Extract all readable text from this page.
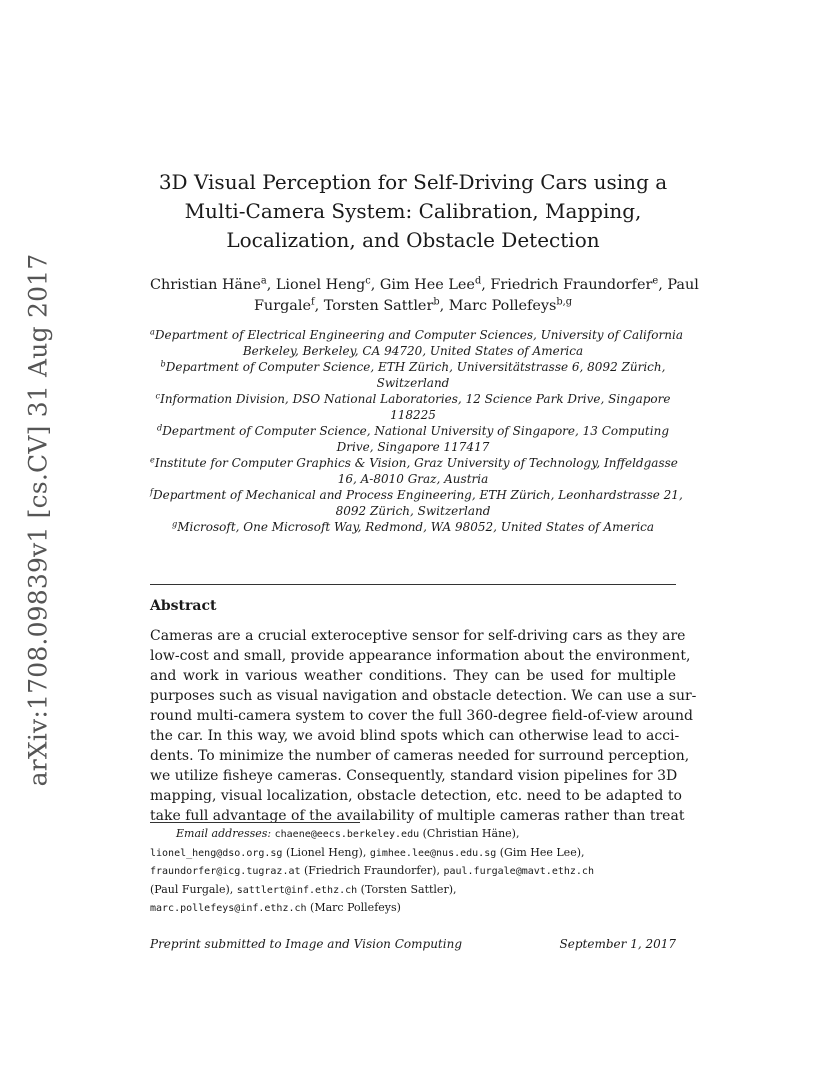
arXiv:1708.09839v1 [cs.CV] 31 Aug 2017
3D Visual Perception for Self-Driving Cars using a
Multi-Camera System: Calibration, Mapping,
Localization, and Obstacle Detection
Christian Häne$^a$, Lionel Heng$^c$, Gim Hee Lee$^d$, Friedrich Fraundorfer$^e$, Paul
Furgale$^f$, Torsten Sattler$^b$, Marc Pollefeys$^{b,g}$
$^a$Department of Electrical Engineering and Computer Sciences, University of California
Berkeley, Berkeley, CA 94720, United States of America
$^b$Department of Computer Science, ETH Zürich, Universitätstrasse 6, 8092 Zürich,
Switzerland
$^c$Information Division, DSO National Laboratories, 12 Science Park Drive, Singapore
118225
$^d$Department of Computer Science, National University of Singapore, 13 Computing
Drive, Singapore 117417
$^e$Institute for Computer Graphics & Vision, Graz University of Technology, Inffeldgasse
16, A-8010 Graz, Austria
$^f$Department of Mechanical and Process Engineering, ETH Zürich, Leonhardstrasse 21,
8092 Zürich, Switzerland
$^g$Microsoft, One Microsoft Way, Redmond, WA 98052, United States of America
Abstract
Cameras are a crucial exteroceptive sensor for self-driving cars as they are
low-cost and small, provide appearance information about the environment,
and work in various weather conditions. They can be used for multiple
purposes such as visual navigation and obstacle detection. We can use a sur-
round multi-camera system to cover the full 360-degree field-of-view around
the car. In this way, we avoid blind spots which can otherwise lead to acci-
dents. To minimize the number of cameras needed for surround perception,
we utilize fisheye cameras. Consequently, standard vision pipelines for 3D
mapping, visual localization, obstacle detection, etc. need to be adapted to
take full advantage of the availability of multiple cameras rather than treat
Email addresses: chaene@eecs.berkeley.edu (Christian Häne),
lionel_heng@dso.org.sg (Lionel Heng), gimhee.lee@nus.edu.sg (Gim Hee Lee),
fraundorfer@icg.tugraz.at (Friedrich Fraundorfer), paul.furgale@mavt.ethz.ch
(Paul Furgale), sattlert@inf.ethz.ch (Torsten Sattler),
marc.pollefeys@inf.ethz.ch (Marc Pollefeys)
Preprint submitted to Image and Vision Computing	September 1, 2017
